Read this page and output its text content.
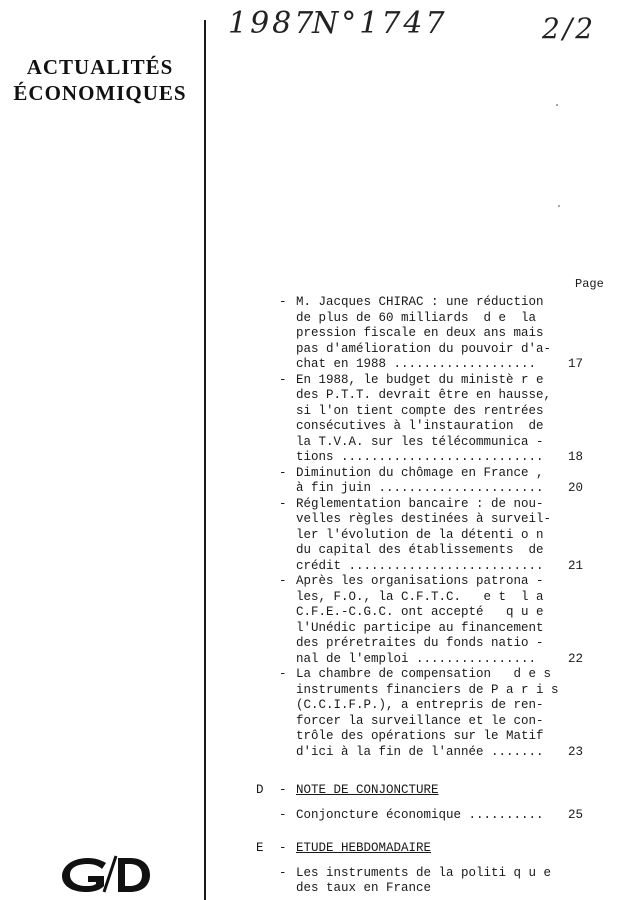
1987
N°1747	2/2
ACTUALITÉS
ÉCONOMIQUES
Page
- M. Jacques CHIRAC : une réduction
de plus de 60 milliards  d e  la
pression fiscale en deux ans mais
pas d'amélioration du pouvoir d'a-
chat en 1988 ...................	17
- En 1988, le budget du ministè r e
des P.T.T. devrait être en hausse,
si l'on tient compte des rentrées
consécutives à l'instauration  de
la T.V.A. sur les télécommunica -
tions ........................... 18
- Diminution du chômage en France ,
à fin juin ...................... 20
- Réglementation bancaire : de nou-
velles règles destinées à surveil-
ler l'évolution de la détenti o n
du capital des établissements  de
crédit .......................... 21
- Après les organisations patrona -
les, F.O., la C.F.T.C.   e t  l a
C.F.E.-C.G.C. ont accepté   q u e
l'Unédic participe au financement
des préretraites du fonds natio -
nal de l'emploi ................	22
- La chambre de compensation   d e s
instruments financiers de P a r i s
(C.C.I.F.P.), a entrepris de ren-
forcer la surveillance et le con-
trôle des opérations sur le Matif
d'ici à la fin de l'année ....... 23
D - NOTE DE CONJONCTURE
- Conjoncture économique .......... 25
E - ETUDE HEBDOMADAIRE
- Les instruments de la politi q u e
des taux en France
